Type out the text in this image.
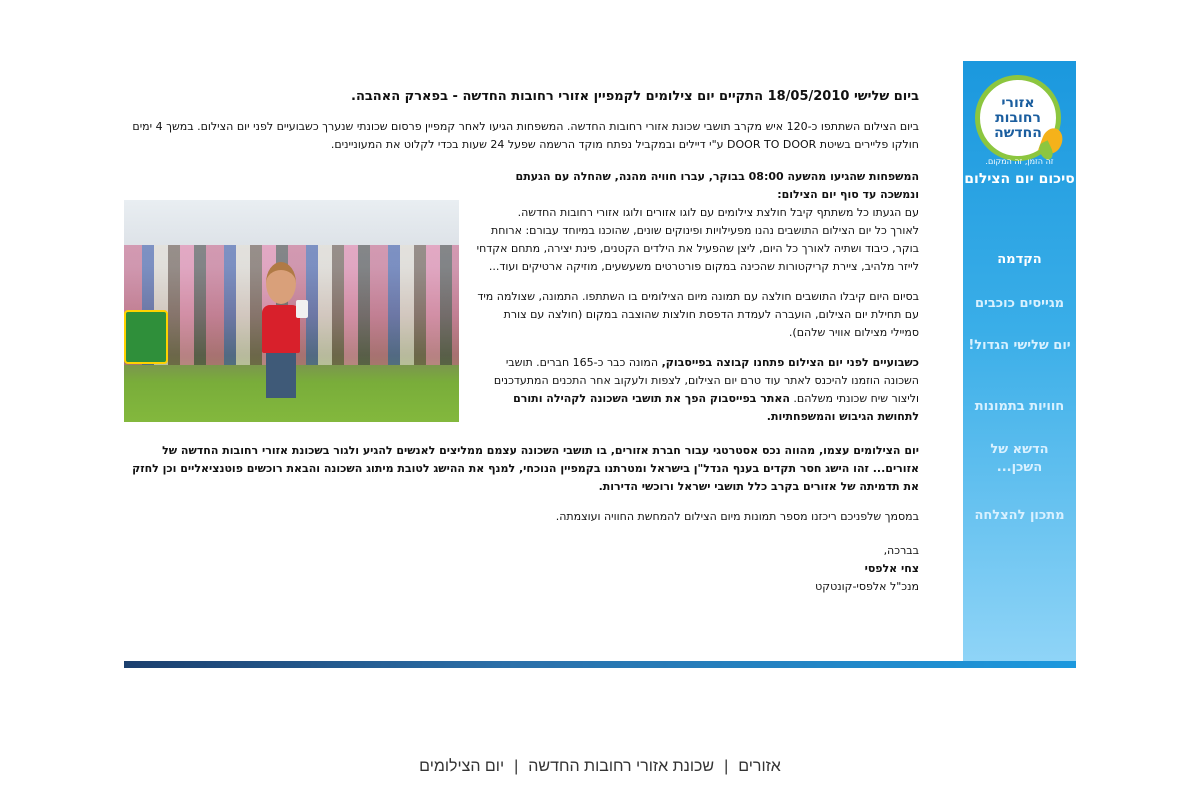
אזורי רחובות החדשה
זה הזמן, זה המקום.
סיכום יום הצילום
הקדמה
מגייסים כוכבים
יום שלישי הגדול!
חוויות בתמונות
הדשא של השכן...
מתכון להצלחה
ביום שלישי 18/05/2010 התקיים יום צילומים לקמפיין אזורי רחובות החדשה - בפארק האהבה.

ביום הצילום השתתפו כ-120 איש מקרב תושבי שכונת אזורי רחובות החדשה. המשפחות הגיעו לאחר קמפיין פרסום שכונתי שנערך כשבועיים לפני יום הצילום. במשך 4 ימים חולקו פליירים בשיטת DOOR TO DOOR ע"י דיילים ובמקביל נפתח מוקד הרשמה שפעל 24 שעות בכדי לקלוט את המעוניינים.

המשפחות שהגיעו מהשעה 08:00 בבוקר, עברו חוויה מהנה, שהחלה עם הגעתם ונמשכה עד סוף יום הצילום:
עם הגעתו כל משתתף קיבל חולצת צילומים עם לוגו אזורים ולוגו אזורי רחובות החדשה.
לאורך כל יום הצילום התושבים נהנו מפעילויות ופינוקים שונים, שהוכנו במיוחד עבורם: ארוחת בוקר, כיבוד ושתיה לאורך כל היום, ליצן שהפעיל את הילדים הקטנים, פינת יצירה, מתחם אקדחי לייזר מלהיב, ציירת קריקטורות שהכינה במקום פורטרטים משעשעים, מוזיקה ארטיקים ועוד...

בסיום היום קיבלו התושבים חולצה עם תמונה מיום הצילומים בו השתתפו. התמונה, שצולמה מיד עם תחילת יום הצילום, הועברה לעמדת הדפסת חולצות שהוצבה במקום (חולצה עם צורת סמיילי מצילום אוויר שלהם).

כשבועיים לפני יום הצילום פתחנו קבוצה בפייסבוק, המונה כבר כ-165 חברים. תושבי השכונה הוזמנו להיכנס לאתר עוד טרם יום הצילום, לצפות ולעקוב אחר התכנים המתעדכנים וליצור שיח שכונתי משלהם. האתר בפייסבוק הפך את תושבי השכונה לקהילה ותורם לתחושת הגיבוש והמשפחתיות.

יום הצילומים עצמו, מהווה נכס אסטרטגי עבור חברת אזורים, בו תושבי השכונה עצמם ממליצים לאנשים להגיע ולגור בשכונת אזורי רחובות החדשה של אזורים... זהו הישג חסר תקדים בענף הנדל"ן בישראל ומטרתנו בקמפיין הנוכחי, למנף את ההישג לטובת מיתוג השכונה והבאת רוכשים פוטנציאליים וכן לחזק את תדמיתה של אזורים בקרב כלל תושבי ישראל ורוכשי הדירות.

במסמך שלפניכם ריכזנו מספר תמונות מיום הצילום להמחשת החוויה ועוצמתה.

בברכה,
צחי אלפסי
מנכ"ל אלפסי-קונטקט
אזורים|שכונת אזורי רחובות החדשה|יום הצילומים
